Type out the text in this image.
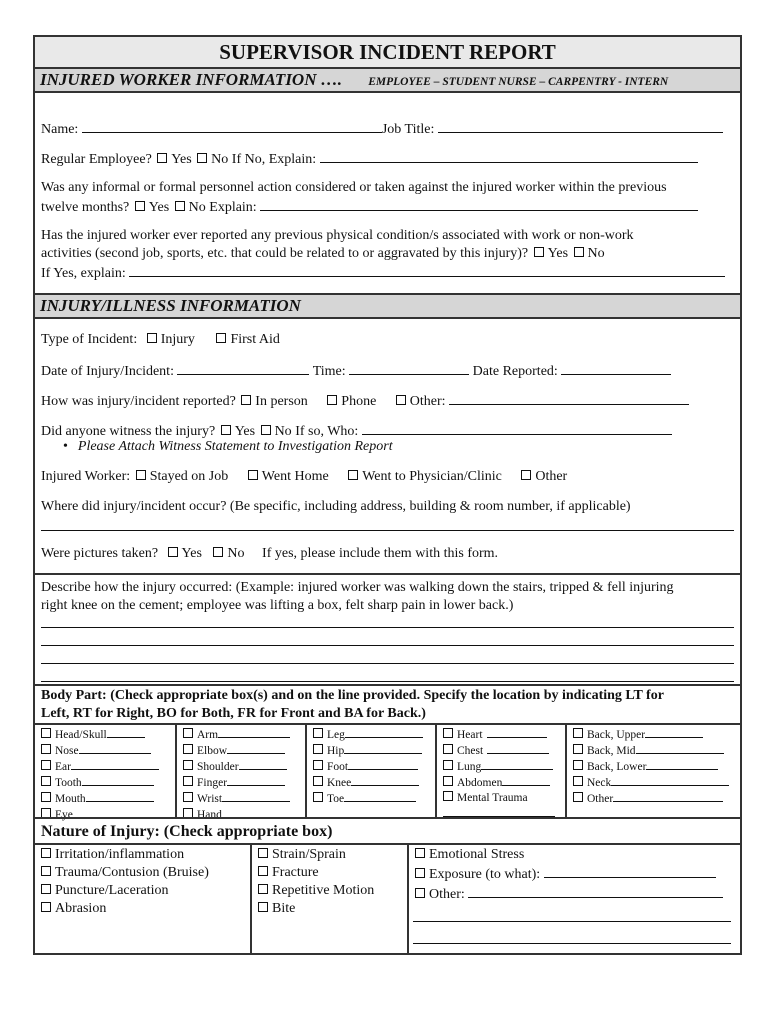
SUPERVISOR INCIDENT REPORT
INJURED WORKER INFORMATION …. EMPLOYEE – STUDENT NURSE – CARPENTRY - INTERN
Name:	Job Title:
Regular Employee? Yes No If No, Explain:
Was any informal or formal personnel action considered or taken against the injured worker within the previous
twelve months? Yes No Explain:
Has the injured worker ever reported any previous physical condition/s associated with work or non-work
activities (second job, sports, etc. that could be related to or aggravated by this injury)? Yes No
If Yes, explain:
INJURY/ILLNESS INFORMATION
Type of Incident: Injury	First Aid
Date of Injury/Incident:	Time:	Date Reported:
How was injury/incident reported? In person Phone Other:
Did anyone witness the injury? Yes No If so, Who:
• Please Attach Witness Statement to Investigation Report
Injured Worker: Stayed on Job Went Home Went to Physician/Clinic Other
Where did injury/incident occur? (Be specific, including address, building & room number, if applicable)
Were pictures taken? Yes No If yes, please include them with this form.
Describe how the injury occurred: (Example: injured worker was walking down the stairs, tripped & fell injuring
right knee on the cement; employee was lifting a box, felt sharp pain in lower back.)
Body Part: (Check appropriate box(s) and on the line provided. Specify the location by indicating LT for
Left, RT for Right, BO for Both, FR for Front and BA for Back.)
Head/Skull
Nose
Ear
Tooth
Mouth
Eye
Arm
Elbow
Shoulder
Finger
Wrist
Hand
Leg
Hip
Foot
Knee
Toe
Heart
Chest
Lung
Abdomen
Mental Trauma
Back, Upper
Back, Mid
Back, Lower
Neck
Other
Nature of Injury: (Check appropriate box)
Irritation/inflammation
Trauma/Contusion (Bruise)
Puncture/Laceration
Abrasion
Strain/Sprain
Fracture
Repetitive Motion
Bite
Emotional Stress
Exposure (to what):
Other:
